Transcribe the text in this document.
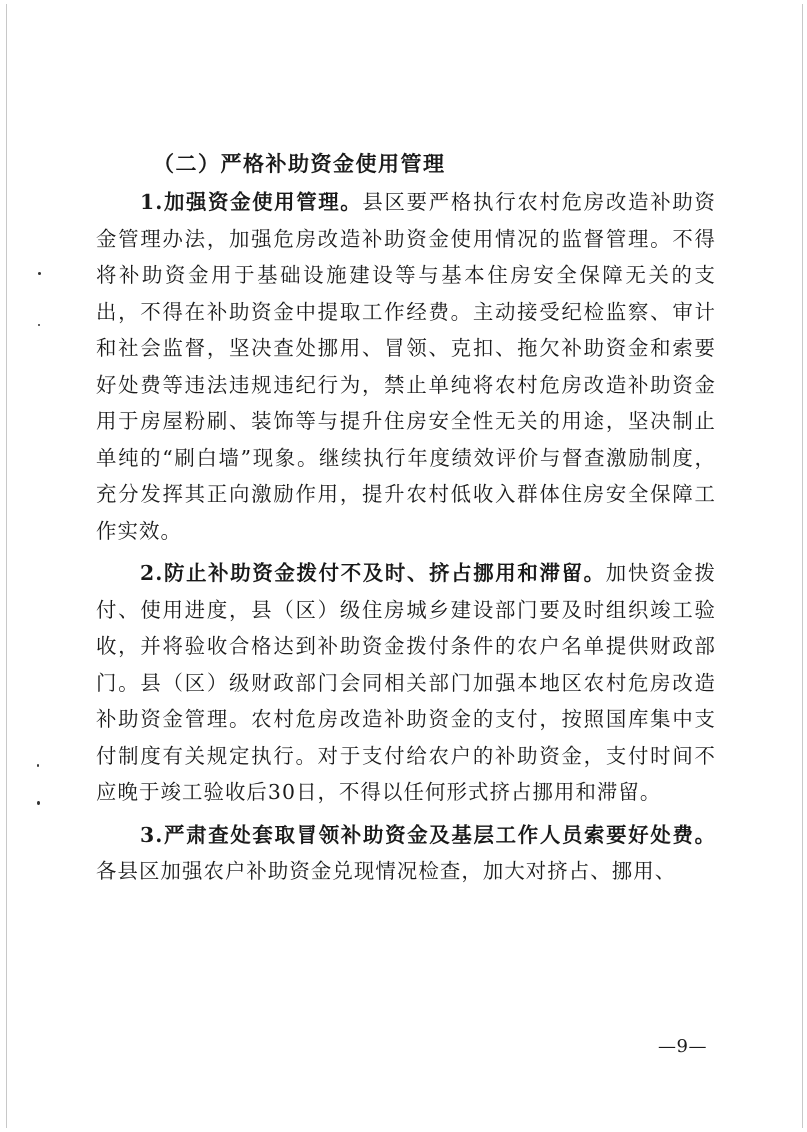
（二）严格补助资金使用管理

1.加强资金使用管理。县区要严格执行农村危房改造补助资金管理办法，加强危房改造补助资金使用情况的监督管理。不得将补助资金用于基础设施建设等与基本住房安全保障无关的支出，不得在补助资金中提取工作经费。主动接受纪检监察、审计和社会监督，坚决查处挪用、冒领、克扣、拖欠补助资金和索要好处费等违法违规违纪行为，禁止单纯将农村危房改造补助资金用于房屋粉刷、装饰等与提升住房安全性无关的用途，坚决制止单纯的“刷白墙”现象。继续执行年度绩效评价与督查激励制度，充分发挥其正向激励作用，提升农村低收入群体住房安全保障工作实效。

2.防止补助资金拨付不及时、挤占挪用和滞留。加快资金拨付、使用进度，县（区）级住房城乡建设部门要及时组织竣工验收，并将验收合格达到补助资金拨付条件的农户名单提供财政部门。县（区）级财政部门会同相关部门加强本地区农村危房改造补助资金管理。农村危房改造补助资金的支付，按照国库集中支付制度有关规定执行。对于支付给农户的补助资金，支付时间不应晚于竣工验收后30日，不得以任何形式挤占挪用和滞留。

3.严肃查处套取冒领补助资金及基层工作人员索要好处费。各县区加强农户补助资金兑现情况检查，加大对挤占、挪用、

—9—
